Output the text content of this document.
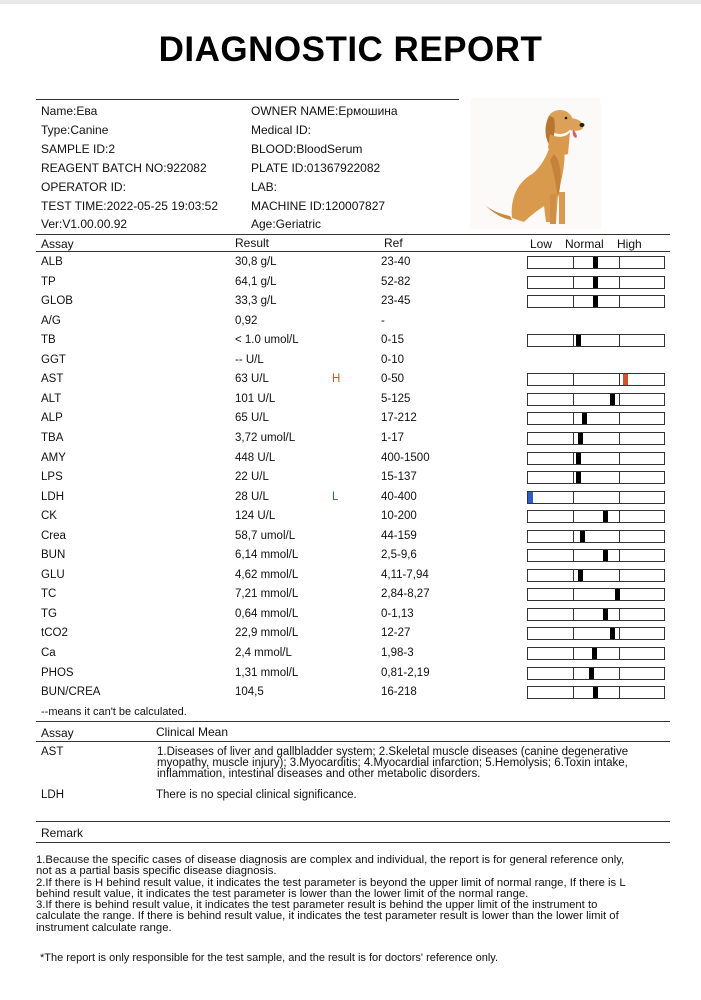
DIAGNOSTIC REPORT
Name:Ева
Type:Canine
SAMPLE ID:2
REAGENT BATCH NO:922082
OPERATOR ID:
TEST TIME:2022-05-25 19:03:52
Ver:V1.00.00.92
OWNER NAME:Ермошина
Medical ID:
BLOOD:BloodSerum
PLATE ID:01367922082
LAB:
MACHINE ID:120007827
Age:Geriatric
Assay	Result	Ref	Low Normal High
ALB	30,8 g/L	23-40
TP	64,1 g/L	52-82
GLOB	33,3 g/L	23-45
A/G	0,92	-
TB	< 1.0 umol/L	0-15
GGT	-- U/L	0-10
AST	63 U/L	H	0-50
ALT	101 U/L	5-125
ALP	65 U/L	17-212
TBA	3,72 umol/L	1-17
AMY	448 U/L	400-1500
LPS	22 U/L	15-137
LDH	28 U/L	L	40-400
CK	124 U/L	10-200
Crea	58,7 umol/L	44-159
BUN	6,14 mmol/L	2,5-9,6
GLU	4,62 mmol/L	4,11-7,94
TC	7,21 mmol/L	2,84-8,27
TG	0,64 mmol/L	0-1,13
tCO2	22,9 mmol/L	12-27
Ca	2,4 mmol/L	1,98-3
PHOS	1,31 mmol/L	0,81-2,19
BUN/CREA	104,5	16-218
--means it can't be calculated.
Assay	Clinical Mean
AST	1.Diseases of liver and gallbladder system; 2.Skeletal muscle diseases (canine degenerative
myopathy, muscle injury); 3.Myocarditis; 4.Myocardial infarction; 5.Hemolysis; 6.Toxin intake,
inflammation, intestinal diseases and other metabolic disorders.
LDH	There is no special clinical significance.
Remark
1.Because the specific cases of disease diagnosis are complex and individual, the report is for general reference only,
not as a partial basis specific disease diagnosis.
2.If there is H behind result value, it indicates the test parameter is beyond the upper limit of normal range, If there is L
behind result value, it indicates the test parameter is lower than the lower limit of the normal range.
3.If there is behind result value, it indicates the test parameter result is behind the upper limit of the instrument to
calculate the range. If there is behind result value, it indicates the test parameter result is lower than the lower limit of
instrument calculate range.
*The report is only responsible for the test sample, and the result is for doctors' reference only.
